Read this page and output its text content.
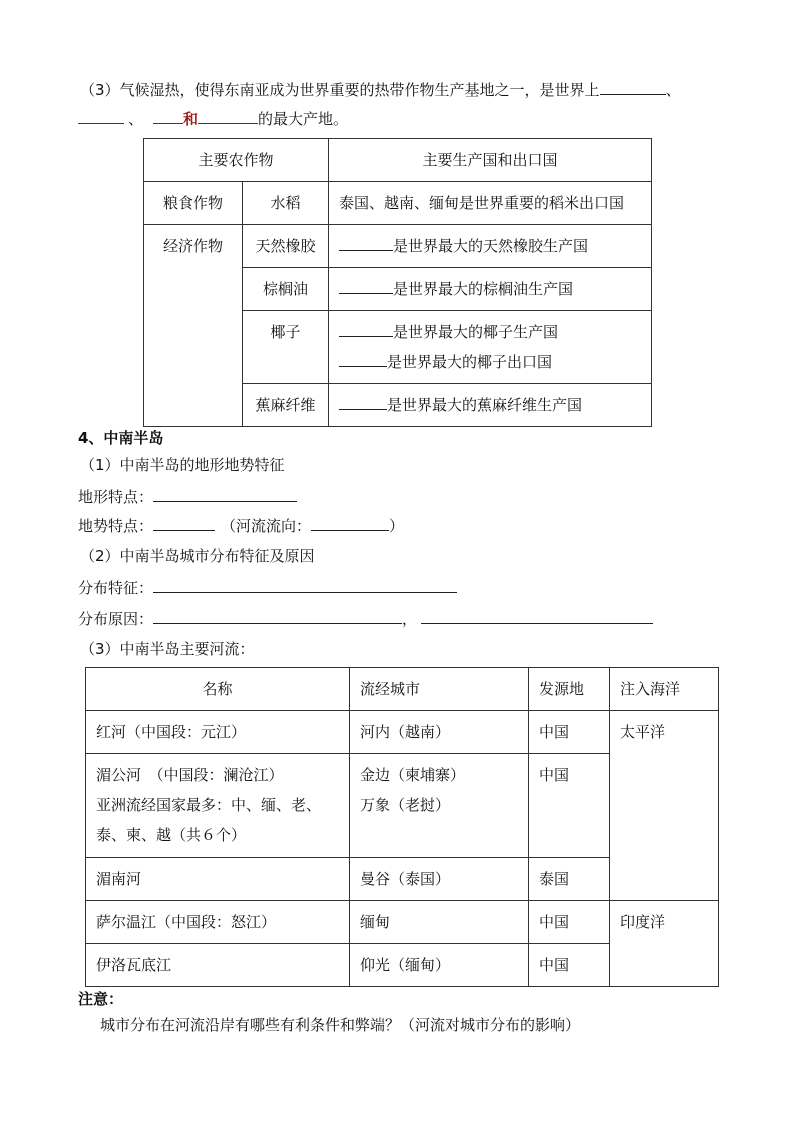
（3）气候湿热，使得东南亚成为世界重要的热带作物生产基地之一，是世界上	、
、	和	的最大产地。
主要农作物		主要生产国和出口国

粮食作物	水稻	泰国、越南、缅甸是世界重要的稻米出口国

经济作物	天然橡胶	是世界最大的天然橡胶生产国

	棕榈油	是世界最大的棕榈油生产国

	椰子	是世界最大的椰子生产国
是世界最大的椰子出口国

	蕉麻纤维	是世界最大的蕉麻纤维生产国
4、中南半岛
（1）中南半岛的地形地势特征
地形特点：
地势特点：	（河流流向：	）
（2）中南半岛城市分布特征及原因
分布特征：
分布原因：	，
（3）中南半岛主要河流：
名称	流经城市	发源地	注入海洋

红河（中国段：元江）	河内（越南）	中国	太平洋

湄公河　（中国段：澜沧江）
亚洲流经国家最多：中、缅、老、
泰、柬、越（共６个）	金边（柬埔寨）
万象（老挝）	中国	

湄南河	曼谷（泰国）	泰国	

萨尔温江（中国段：怒江）	缅甸	中国	印度洋

伊洛瓦底江	仰光（缅甸）	中国	
注意：
城市分布在河流沿岸有哪些有利条件和弊端？（河流对城市分布的影响）
